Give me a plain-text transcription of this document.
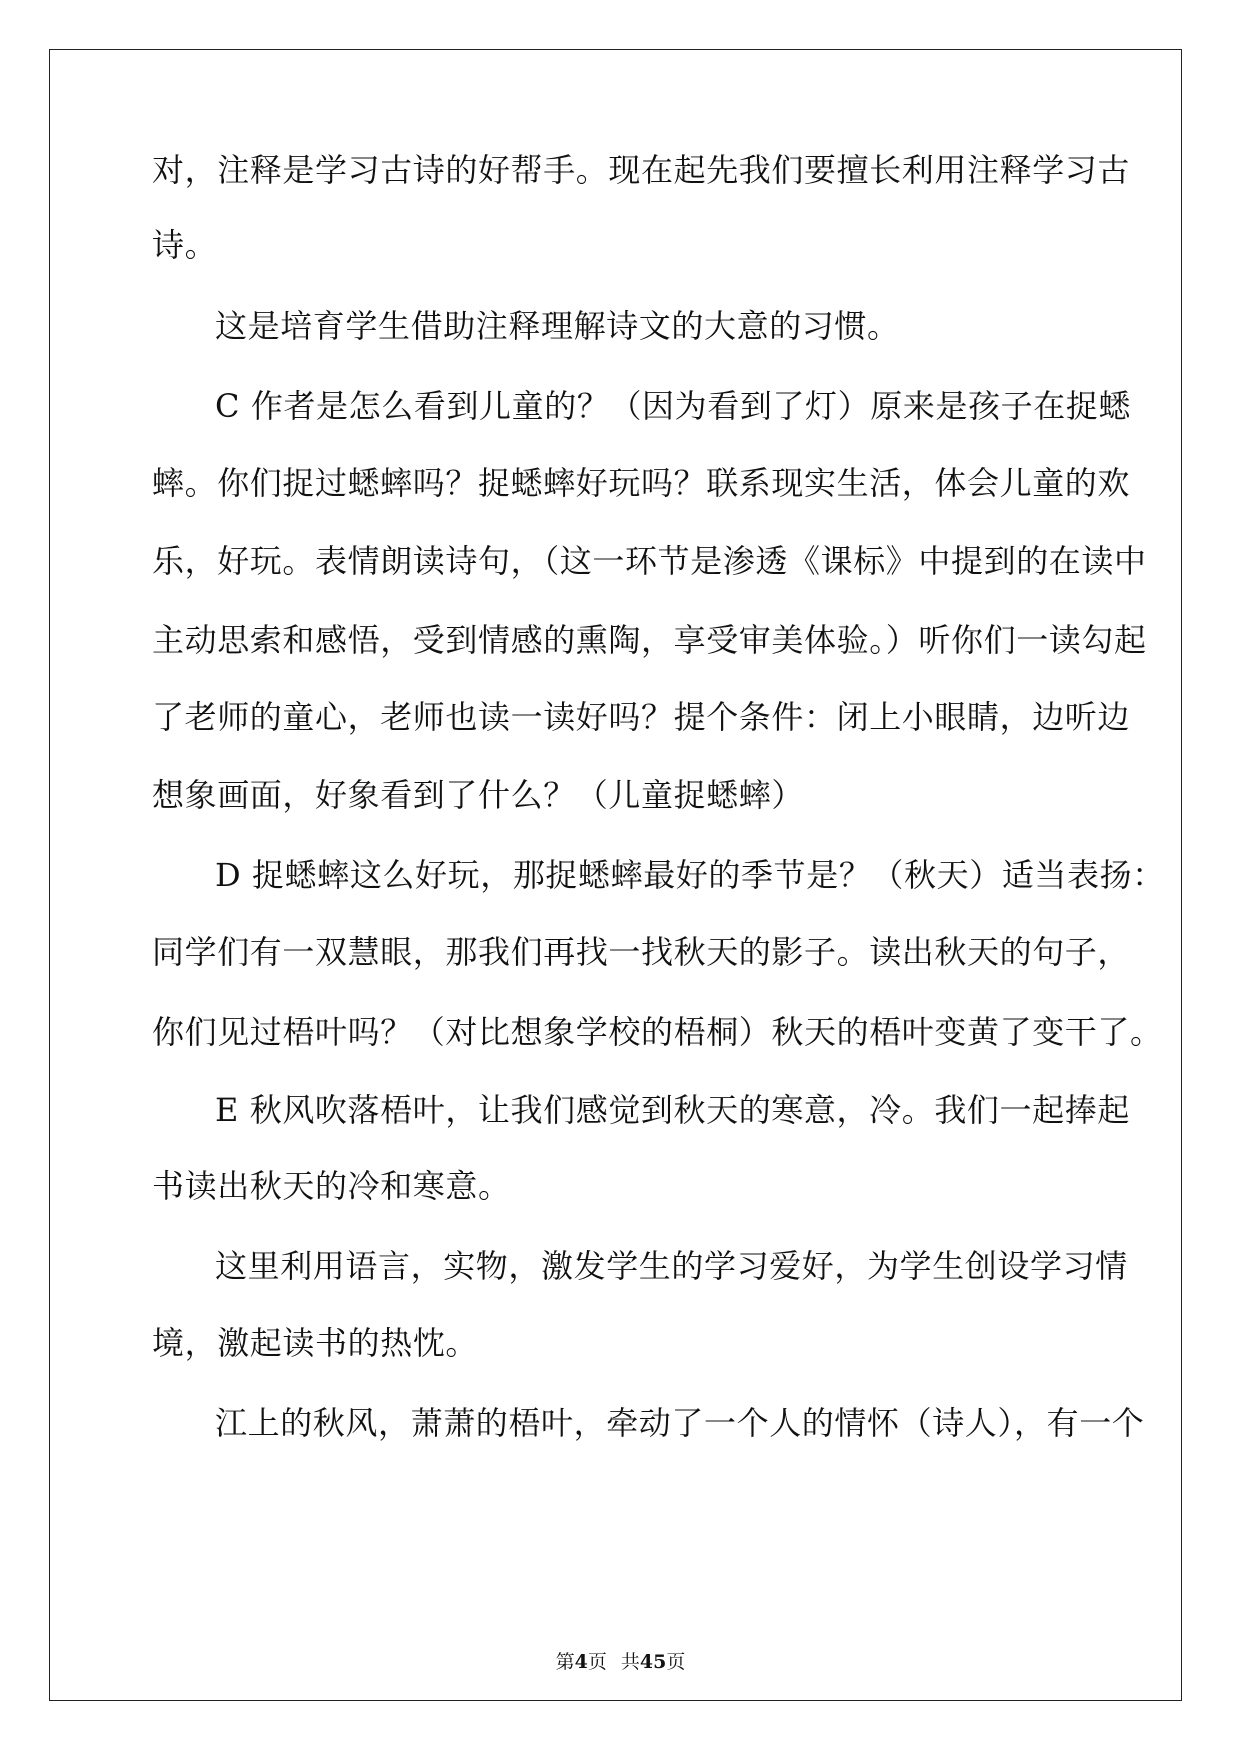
对，注释是学习古诗的好帮手。现在起先我们要擅长利用注释学习古
诗。
这是培育学生借助注释理解诗文的大意的习惯。
C 作者是怎么看到儿童的？（因为看到了灯）原来是孩子在捉蟋
蟀。你们捉过蟋蟀吗？捉蟋蟀好玩吗？联系现实生活，体会儿童的欢
乐，好玩。表情朗读诗句，（这一环节是渗透《课标》中提到的在读中
主动思索和感悟，受到情感的熏陶，享受审美体验。）听你们一读勾起
了老师的童心，老师也读一读好吗？提个条件：闭上小眼睛，边听边
想象画面，好象看到了什么？（儿童捉蟋蟀）
D 捉蟋蟀这么好玩，那捉蟋蟀最好的季节是？（秋天）适当表扬：
同学们有一双慧眼，那我们再找一找秋天的影子。读出秋天的句子，
你们见过梧叶吗？（对比想象学校的梧桐）秋天的梧叶变黄了变干了。
E 秋风吹落梧叶，让我们感觉到秋天的寒意，冷。我们一起捧起
书读出秋天的冷和寒意。
这里利用语言，实物，激发学生的学习爱好，为学生创设学习情
境，激起读书的热忱。
江上的秋风，萧萧的梧叶，牵动了一个人的情怀（诗人），有一个
第4页 共45页
